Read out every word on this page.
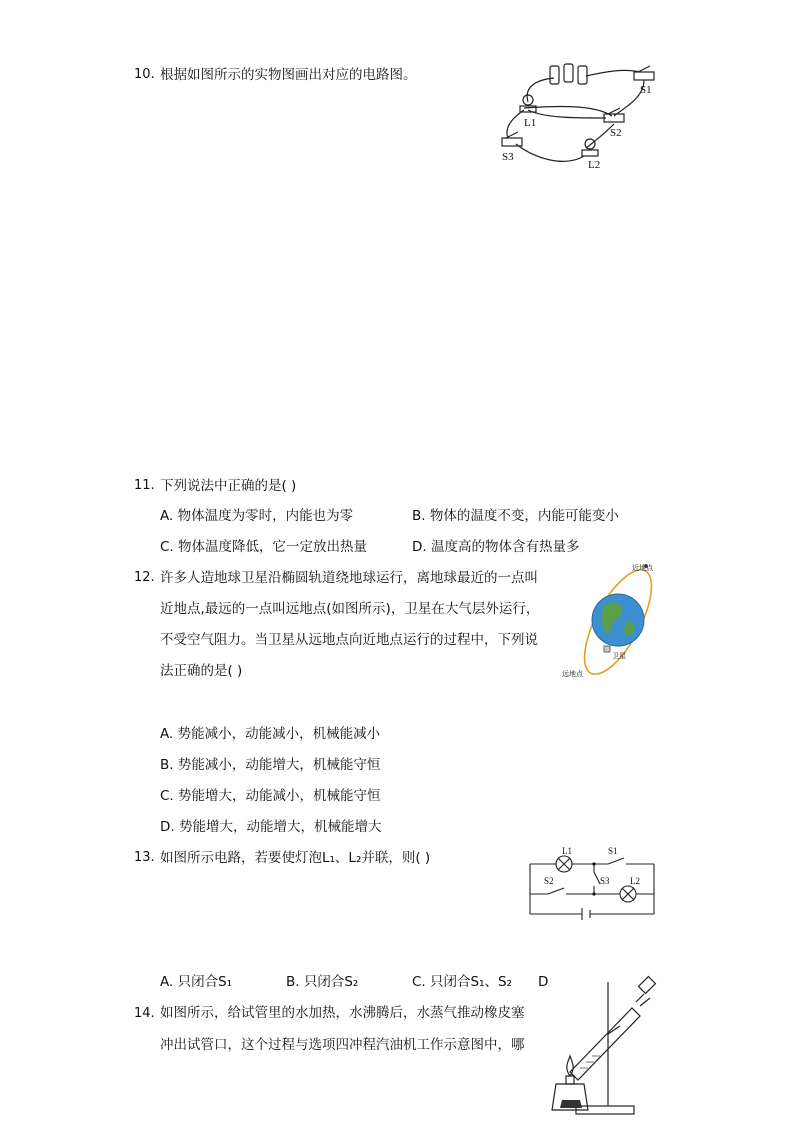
10. 根据如图所示的实物图画出对应的电路图。
S1
L1
S2
S3
L2
11. 下列说法中正确的是( )
A. 物体温度为零时，内能也为零	B. 物体的温度不变，内能可能变小
C. 物体温度降低，它一定放出热量	D. 温度高的物体含有热量多
12. 许多人造地球卫星沿椭圆轨道绕地球运行，离地球最近的一点叫
近地点,最远的一点叫远地点(如图所示)，卫星在大气层外运行，
不受空气阻力。当卫星从远地点向近地点运行的过程中，下列说
法正确的是( )
近地点
卫星
远地点
A. 势能减小，动能减小，机械能减小
B. 势能减小，动能增大，机械能守恒
C. 势能增大，动能减小，机械能守恒
D. 势能增大，动能增大，机械能增大
13. 如图所示电路，若要使灯泡L₁、L₂并联，则( )	L1	S1
S2	S3 L2
A. 只闭合S₁	B. 只闭合S₂	C. 只闭合S₁、S₂ D
14. 如图所示，给试管里的水加热，水沸腾后，水蒸气推动橡皮塞
冲出试管口，这个过程与选项四冲程汽油机工作示意图中，哪
